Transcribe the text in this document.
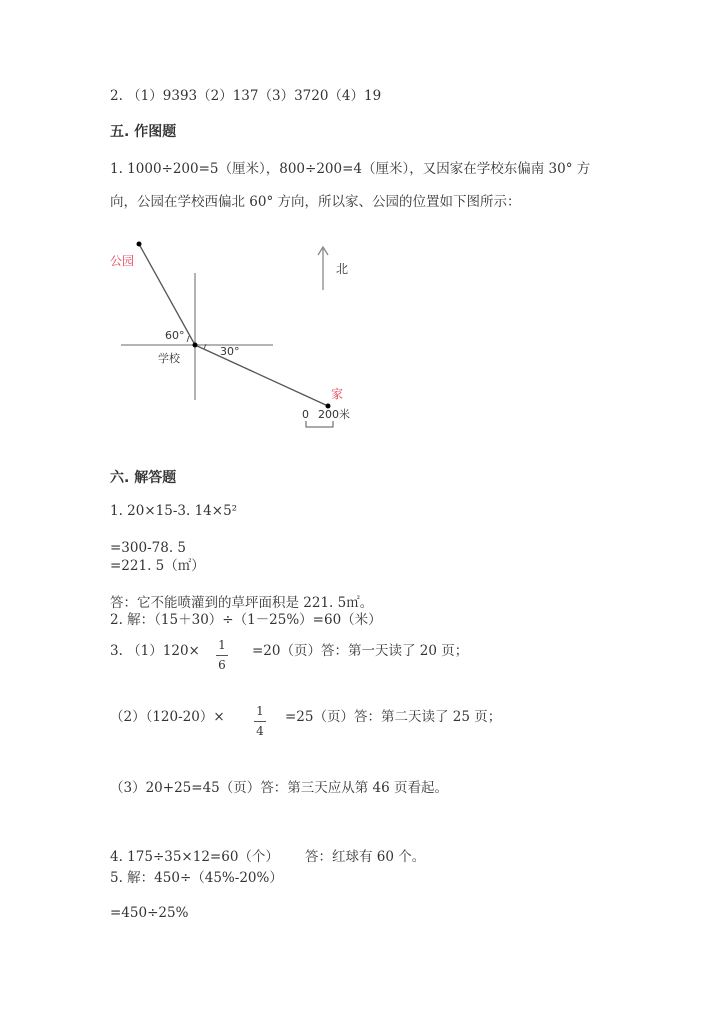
2. （1）9393（2）137（3）3720（4）19
五. 作图题
1. 1000÷200=5（厘米），800÷200=4（厘米），又因家在学校东偏南 30° 方
向，公园在学校西偏北 60° 方向，所以家、公园的位置如下图所示：
北
公园
60°
学校
30°
家
0 200米
六. 解答题
1. 20×15-3. 14×5²
=300-78. 5
=221. 5（㎡）
答：它不能喷灌到的草坪面积是 221. 5㎡。
2. 解：（15＋30）÷（1－25%）=60（米）
3. （1）120× 1
6
=20（页）答：第一天读了 20 页；
（2）（120-20）×	1
4
=25（页）答：第二天读了 25 页；
（3）20+25=45（页）答：第三天应从第 46 页看起。
4. 175÷35×12=60（个） 答：红球有 60 个。
5. 解：450÷（45%-20%）
=450÷25%
